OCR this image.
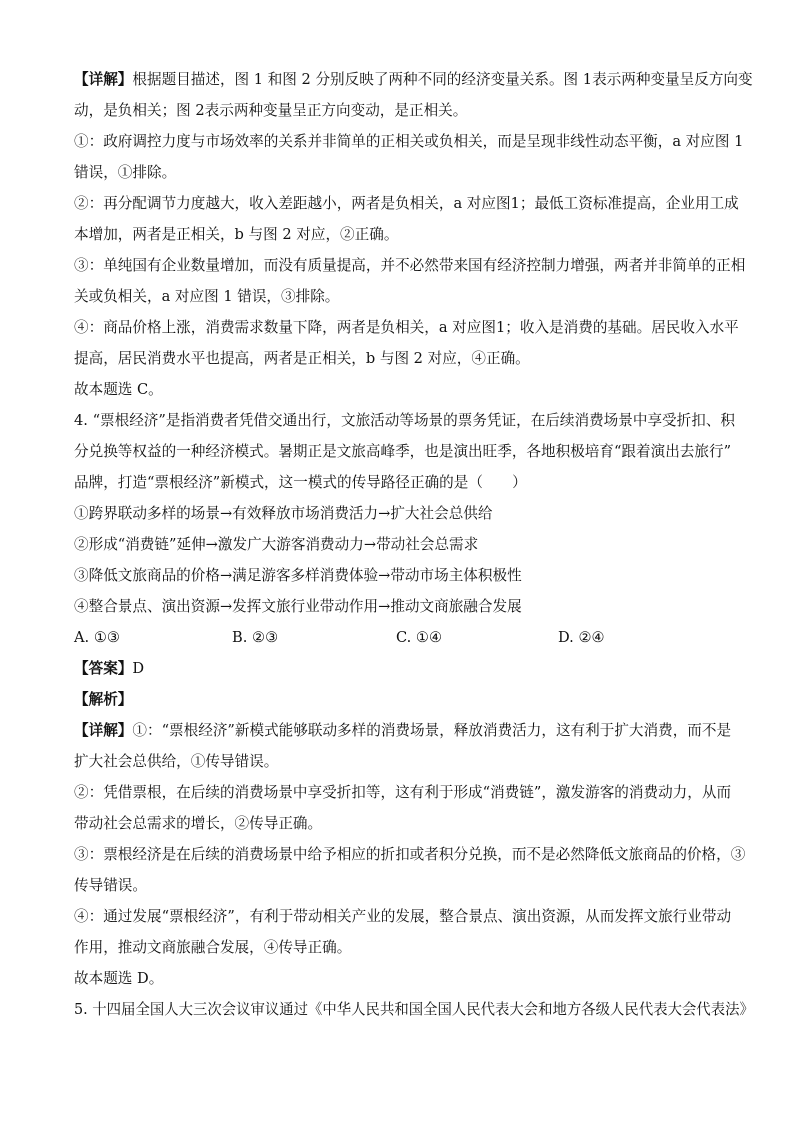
【详解】根据题目描述，图 1 和图 2 分别反映了两种不同的经济变量关系。图 1表示两种变量呈反方向变
动，是负相关；图 2表示两种变量呈正方向变动，是正相关。
①：政府调控力度与市场效率的关系并非简单的正相关或负相关，而是呈现非线性动态平衡，a 对应图 1
错误，①排除。
②：再分配调节力度越大，收入差距越小，两者是负相关，a 对应图1；最低工资标准提高，企业用工成
本增加，两者是正相关，b 与图 2 对应，②正确。
③：单纯国有企业数量增加，而没有质量提高，并不必然带来国有经济控制力增强，两者并非简单的正相
关或负相关，a 对应图 1 错误，③排除。
④：商品价格上涨，消费需求数量下降，两者是负相关，a 对应图1；收入是消费的基础。居民收入水平
提高，居民消费水平也提高，两者是正相关，b 与图 2 对应，④正确。
故本题选 C。
4. “票根经济”是指消费者凭借交通出行，文旅活动等场景的票务凭证，在后续消费场景中享受折扣、积
分兑换等权益的一种经济模式。暑期正是文旅高峰季，也是演出旺季，各地积极培育“跟着演出去旅行”
品牌，打造“票根经济”新模式，这一模式的传导路径正确的是（　　）
①跨界联动多样的场景→有效释放市场消费活力→扩大社会总供给
②形成“消费链”延伸→激发广大游客消费动力→带动社会总需求
③降低文旅商品的价格→满足游客多样消费体验→带动市场主体积极性
④整合景点、演出资源→发挥文旅行业带动作用→推动文商旅融合发展
A. ①③	B. ②③	C. ①④	D. ②④
【答案】D
【解析】
【详解】①：“票根经济”新模式能够联动多样的消费场景，释放消费活力，这有利于扩大消费，而不是
扩大社会总供给，①传导错误。
②：凭借票根，在后续的消费场景中享受折扣等，这有利于形成“消费链”，激发游客的消费动力，从而
带动社会总需求的增长，②传导正确。
③：票根经济是在后续的消费场景中给予相应的折扣或者积分兑换，而不是必然降低文旅商品的价格，③
传导错误。
④：通过发展“票根经济”，有利于带动相关产业的发展，整合景点、演出资源，从而发挥文旅行业带动
作用，推动文商旅融合发展，④传导正确。
故本题选 D。
5. 十四届全国人大三次会议审议通过《中华人民共和国全国人民代表大会和地方各级人民代表大会代表法》
